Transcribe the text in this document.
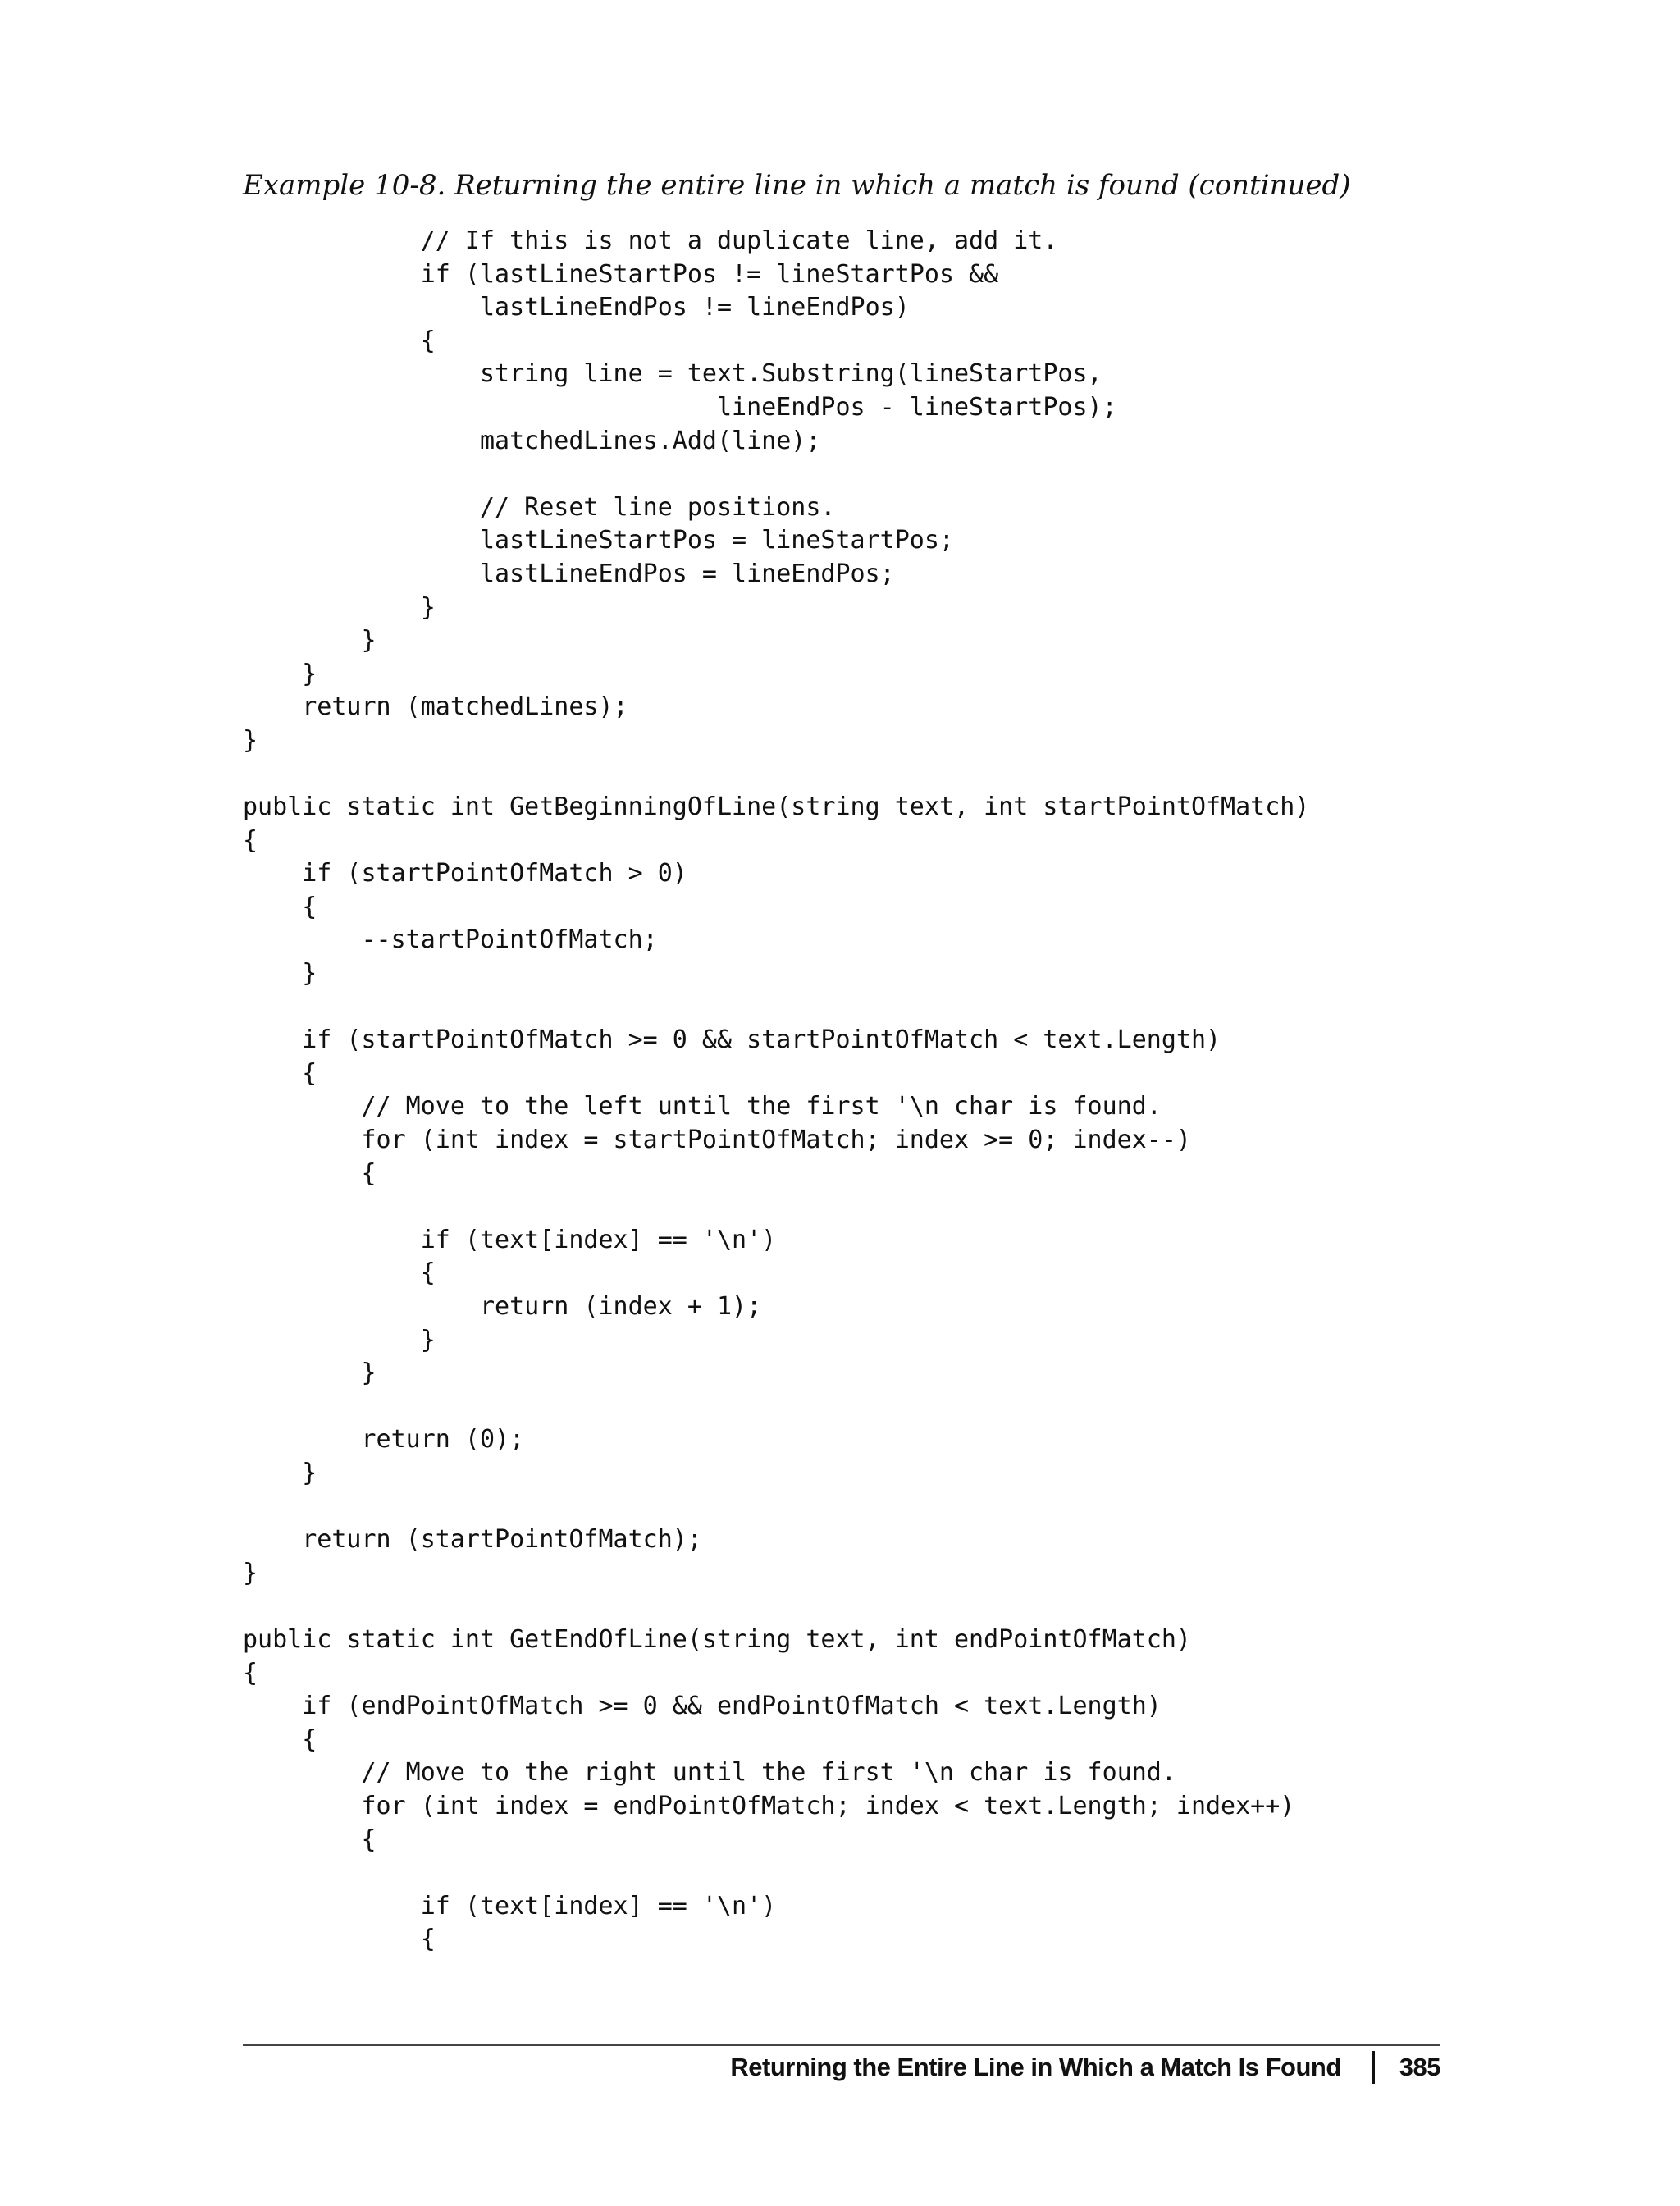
Example 10-8. Returning the entire line in which a match is found (continued)
// If this is not a duplicate line, add it.
if (lastLineStartPos != lineStartPos &&
lastLineEndPos != lineEndPos)
{
string line = text.Substring(lineStartPos,
lineEndPos - lineStartPos);
matchedLines.Add(line);
// Reset line positions.
lastLineStartPos = lineStartPos;
lastLineEndPos = lineEndPos;
}
}
}
return (matchedLines);
}
public static int GetBeginningOfLine(string text, int startPointOfMatch)
{
if (startPointOfMatch > 0)
{
--startPointOfMatch;
}
if (startPointOfMatch >= 0 && startPointOfMatch < text.Length)
{
// Move to the left until the first '\n char is found.
for (int index = startPointOfMatch; index >= 0; index--)
{
if (text[index] == '\n')
{
return (index + 1);
}
}
return (0);
}
return (startPointOfMatch);
}
public static int GetEndOfLine(string text, int endPointOfMatch)
{
if (endPointOfMatch >= 0 && endPointOfMatch < text.Length)
{
// Move to the right until the first '\n char is found.
for (int index = endPointOfMatch; index < text.Length; index++)
{
if (text[index] == '\n')
{
Returning the Entire Line in Which a Match Is Found 385
